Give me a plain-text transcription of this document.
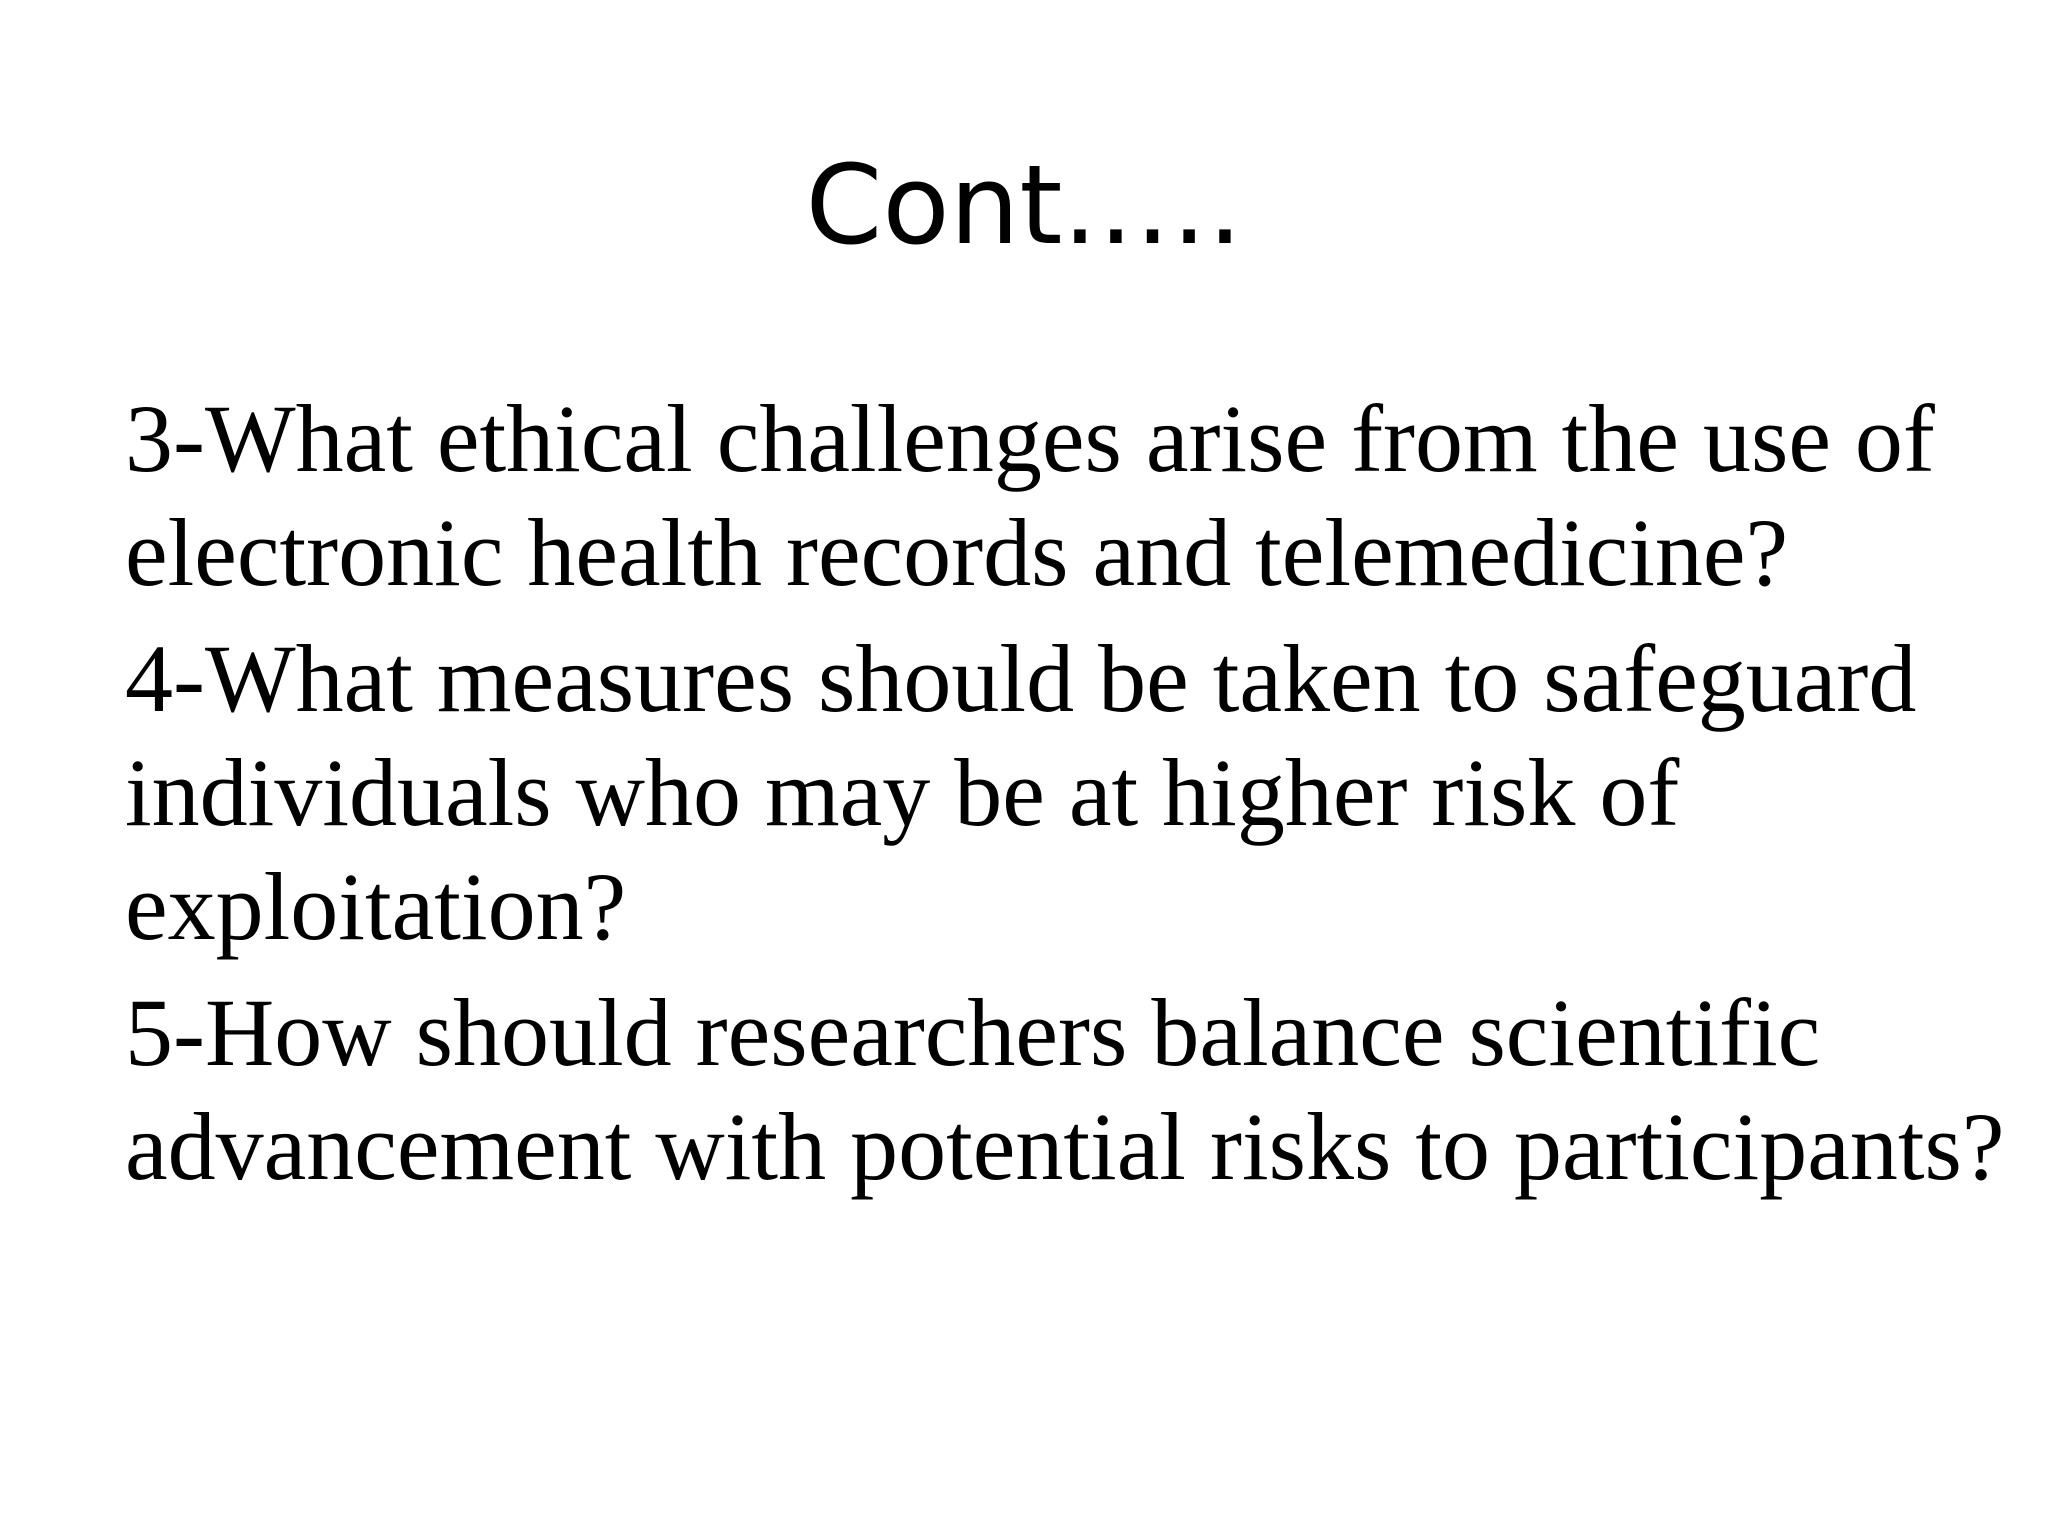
Cont.….
3-What ethical challenges arise from the use of
electronic health records and telemedicine?
4-What measures should be taken to safeguard
individuals who may be at higher risk of
exploitation?
5-How should researchers balance scientific
advancement with potential risks to participants?
